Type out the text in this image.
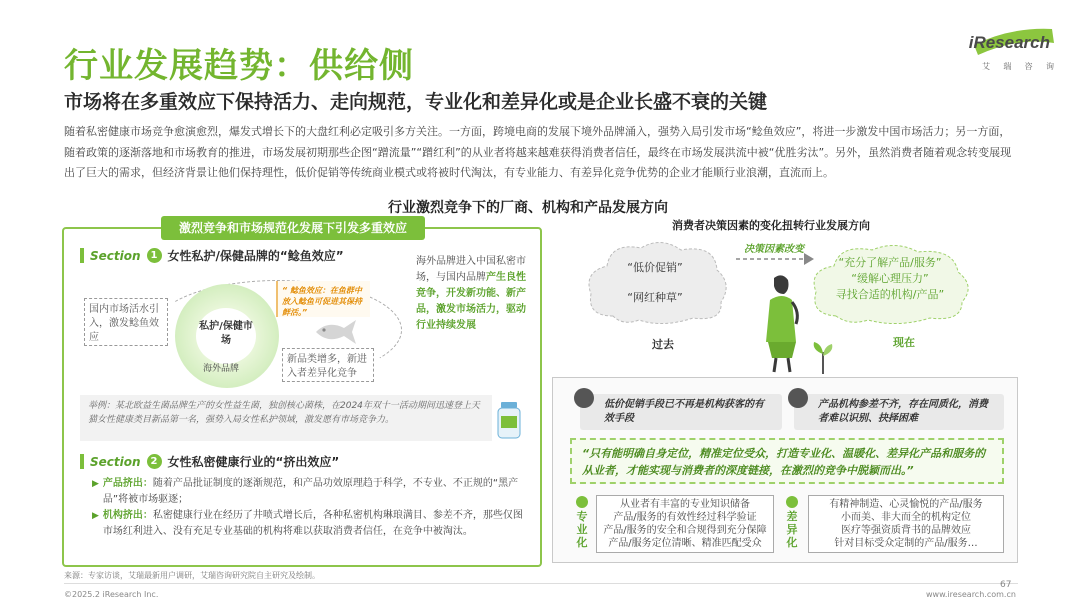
行业发展趋势：供给侧
市场将在多重效应下保持活力、走向规范，专业化和差异化或是企业长盛不衰的关键
随着私密健康市场竞争愈演愈烈，爆发式增长下的大盘红利必定吸引多方关注。一方面，跨境电商的发展下境外品牌涌入，强势入局引发市场“鲶鱼效应”，将进一步激发中国市场活力；另一方面，随着政策的逐渐落地和市场教育的推进，市场发展初期那些企图“蹭流量”“蹭红利”的从业者将越来越难获得消费者信任，最终在市场发展洪流中被“优胜劣汰”。另外，虽然消费者随着观念转变展现出了巨大的需求，但经济背景让他们保持理性，低价促销等传统商业模式或将被时代淘汰，有专业能力、有差异化竞争优势的企业才能顺行业浪潮，直流而上。
iResearch
艾 瑞 咨 询
行业激烈竞争下的厂商、机构和产品发展方向
激烈竞争和市场规范化发展下引发多重效应
Section	1 女性私护/保健品牌的“鲶鱼效应”
国内市场活水引入，激发鲶鱼效应
私护/保健市场
海外品牌
“ 鲶鱼效应：在鱼群中放入鲶鱼可促进其保持鲜活。”
新品类增多，新进入者差异化竞争
海外品牌进入中国私密市场，与国内品牌产生良性竞争，开发新功能、新产品，激发市场活力，驱动行业持续发展
举例：某北欧益生菌品牌生产的女性益生菌，独创核心菌株，在2024年双十一活动期间迅速登上天猫女性健康类目新品第一名，强势入局女性私护领域，激发愿有市场竞争力。
Section	2 女性私密健康行业的“挤出效应”
▶ 产品挤出：随着产品批证制度的逐渐规范，和产品功效原理趋于科学，不专业、不正规的“黑产品”将被市场驱逐；
▶ 机构挤出：私密健康行业在经历了井喷式增长后，各种私密机构琳琅满目、参差不齐，那些仅图市场红利进入、没有充足专业基础的机构将难以获取消费者信任，在竞争中被淘汰。
消费者决策因素的变化扭转行业发展方向
“低价促销”
“网红种草”
“充分了解产品/服务”
“缓解心理压力”
寻找合适的机构/产品”
决策因素改变
过去	现在
低价促销手段已不再是机构获客的有效手段
产品机构参差不齐，存在同质化，消费者难以识别、抉择困难
“只有能明确自身定位，精准定位受众，打造专业化、温暖化、差异化产品和服务的从业者，才能实现与消费者的深度链接，在激烈的竞争中脱颖而出。”
专业化
从业者有丰富的专业知识储备
产品/服务的有效性经过科学验证
产品/服务的安全和合规得到充分保障
产品/服务定位清晰、精准匹配受众
差异化
有精神制造、心灵愉悦的产品/服务
小而美、非大而全的机构定位
医疗等强资质背书的品牌效应
针对目标受众定制的产品/服务…
来源：专家访谈，艾瑞最新用户调研，艾瑞咨询研究院自主研究及绘制。
©2025.2 iResearch Inc.	www.iresearch.com.cn
67
